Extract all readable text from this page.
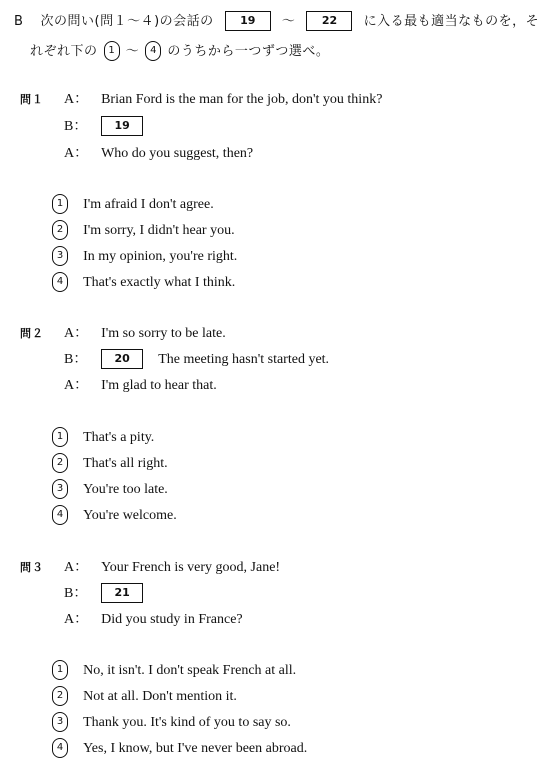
B 次の問い(問１～４)の会話の 19 ～ 22 に入る最も適当なものを，そ
れぞれ下の 1 ～ 4 のうちから一つずつ選べ。
問１	A： Brian Ford is the man for the job, don't you think?
B： 19
A： Who do you suggest, then?
1 I'm afraid I don't agree.
2 I'm sorry, I didn't hear you.
3 In my opinion, you're right.
4 That's exactly what I think.
問２	A： I'm so sorry to be late.
B： 20 The meeting hasn't started yet.
A： I'm glad to hear that.
1 That's a pity.
2 That's all right.
3 You're too late.
4 You're welcome.
問３	A： Your French is very good, Jane!
B： 21
A： Did you study in France?
1 No, it isn't. I don't speak French at all.
2 Not at all. Don't mention it.
3 Thank you. It's kind of you to say so.
4 Yes, I know, but I've never been abroad.
